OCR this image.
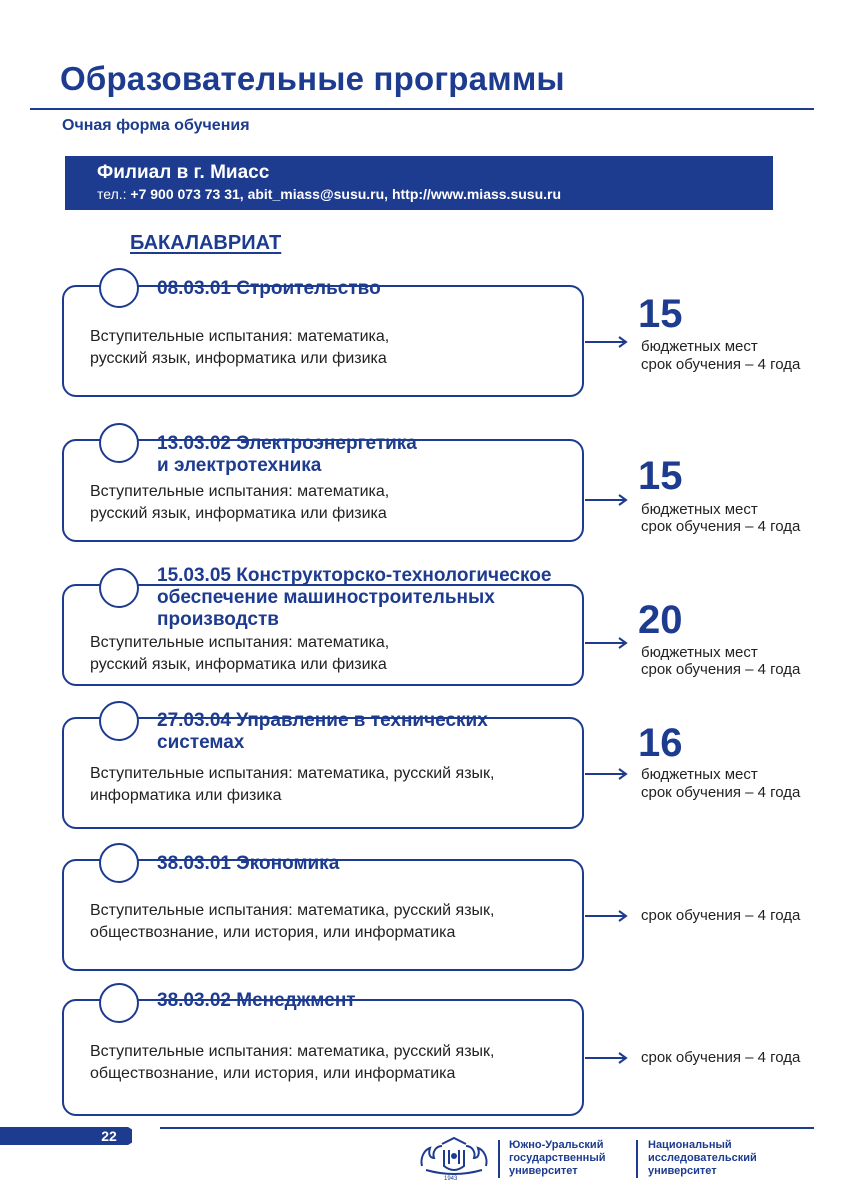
Образовательные программы
Очная форма обучения
Филиал в г. Миасс
тел.: +7 900 073 73 31, abit_miass@susu.ru, http://www.miass.susu.ru
БАКАЛАВРИАТ
08.03.01 Строительство
Вступительные испытания: математика,
русский язык, информатика или физика
15
бюджетных мест
срок обучения – 4 года
13.03.02 Электроэнергетика
и электротехника
Вступительные испытания: математика,
русский язык, информатика или физика
15
бюджетных мест
срок обучения – 4 года
15.03.05 Конструкторско-технологическое
обеспечение машиностроительных
производств
Вступительные испытания: математика,
русский язык, информатика или физика
20
бюджетных мест
срок обучения – 4 года
27.03.04 Управление в технических
системах
Вступительные испытания: математика, русский язык,
информатика или физика
16
бюджетных мест
срок обучения – 4 года
38.03.01 Экономика
Вступительные испытания: математика, русский язык,
обществознание, или история, или информатика
срок обучения – 4 года
38.03.02 Менеджмент
Вступительные испытания: математика, русский язык,
обществознание, или история, или информатика
срок обучения – 4 года
22
1943
Южно-Уральский
государственный
университет
Национальный
исследовательский
университет
